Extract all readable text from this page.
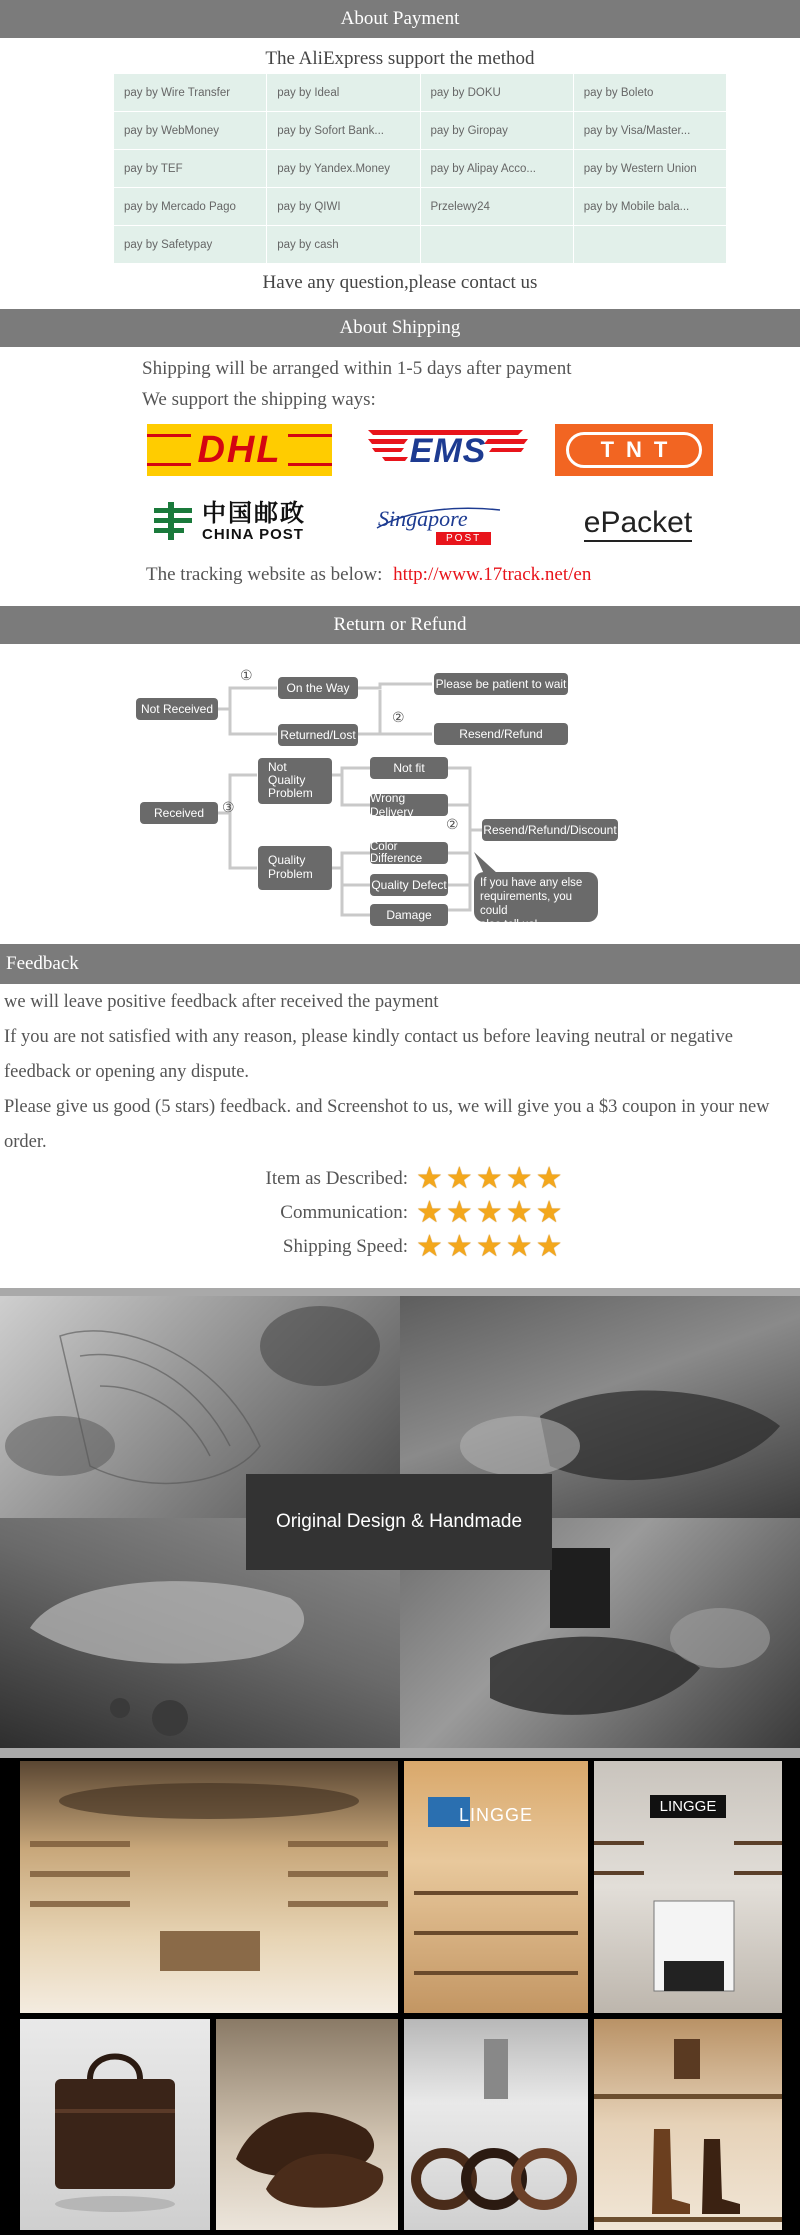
About Payment
The AliExpress support the method
pay by Wire Transfer	pay by Ideal	pay by DOKU	pay by Boleto
pay by WebMoney	pay by Sofort Bank...	pay by Giropay	pay by Visa/Master...
pay by TEF	pay by Yandex.Money	pay by Alipay Acco...	pay by Western Union
pay by Mercado Pago	pay by QIWI	Przelewy24	pay by Mobile bala...
pay by Safetypay	pay by cash		
Have any question,please contact us
About Shipping
Shipping will be arranged within 1-5 days after payment
We support the shipping ways:
DHL	EMS	TNT
中国邮政
CHINA POST
Singapore
POST	ePacket
The tracking website as below: http://www.17track.net/en
Return or Refund
Not Received
①
On the Way
Returned/Lost
②
Please be patient to wait
Resend/Refund
Received ③
Not
Quality
Problem
Not fit
Wrong Delivery
Quality
Problem
Color Difference
Quality Defect
Damage
② Resend/Refund/Discount
If you have any else
requirements, you could
also tell us!
Feedback
we will leave positive feedback after received the payment
If you are not satisfied with any reason, please kindly contact us before leaving neutral or negative feedback or opening any dispute.
Please give us good (5 stars) feedback. and Screenshot to us, we will give you a $3 coupon in your new order.
Item as Described: ★ ★ ★ ★ ★
Communication: ★ ★ ★ ★ ★
Shipping Speed: ★ ★ ★ ★ ★
Original Design & Handmade
LINGGE	LINGGE
